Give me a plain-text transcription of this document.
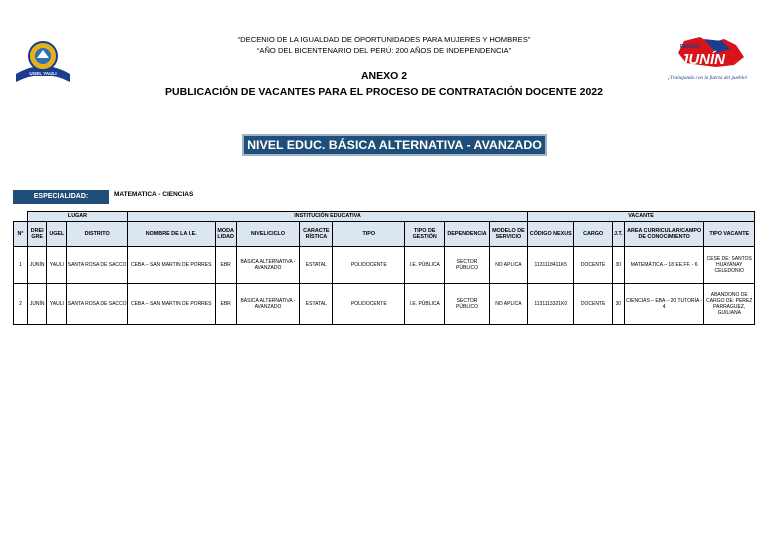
UGEL YAULI
REGIÓN
JUNÍN
¡Trabajando con la fuerza del pueblo!
“DECENIO DE LA IGUALDAD DE OPORTUNIDADES PARA MUJERES Y HOMBRES”
“AÑO DEL BICENTENARIO DEL PERÚ: 200 AÑOS DE INDEPENDENCIA”
ANEXO 2
PUBLICACIÓN DE VACANTES PARA EL PROCESO DE CONTRATACIÓN DOCENTE 2022
NIVEL EDUC. BÁSICA ALTERNATIVA - AVANZADO
ESPECIALIDAD:	MATEMATICA - CIENCIAS
	LUGAR			INSTITUCIÓN EDUCATIVA								VACANTE				
N°	DREI GRE	UGEL	DISTRITO	NOMBRE DE LA I.E.	MODA LIDAD	NIVEL/CICLO	CARACTE RÍSTICA	TIPO	TIPO DE GESTIÓN	DEPENDENCIA	MODELO DE SERVICIO	CÓDIGO NEXUS	CARGO	J.T.	AREA CURRICULAR/CAMPO DE CONOCIMIENTO	TIPO VACANTE
1	JUNÍN	YAULI	SANTA ROSA DE SACCO	CEBA – SAN MARTIN DE PORRES	EBR	BÁSICA ALTERNATIVA - AVANZADO	ESTATAL	POLIDOCENTE	I.E. PÚBLICA	SECTOR PÚBLICO	NO APLICA	1131118411K5	DOCENTE	30	MATEMÁTICA – 18 EE.FF. - 6	CESE DE: SANTOS HUAYANAY CELEDONIO
2	JUNÍN	YAULI	SANTA ROSA DE SACCO	CEBA – SAN MARTIN DE PORRES	EBR	BÁSICA ALTERNATIVA - AVANZADO	ESTATAL	POLIDOCENTE	I.E. PÚBLICA	SECTOR PÚBLICO	NO APLICA	1131113321K0	DOCENTE	30	CIENCIAS – EBA – 20 TUTORÍA - 4	ABANDONO DE CARGO DE: PEREZ PARRAGUEZ, GUILIANA
